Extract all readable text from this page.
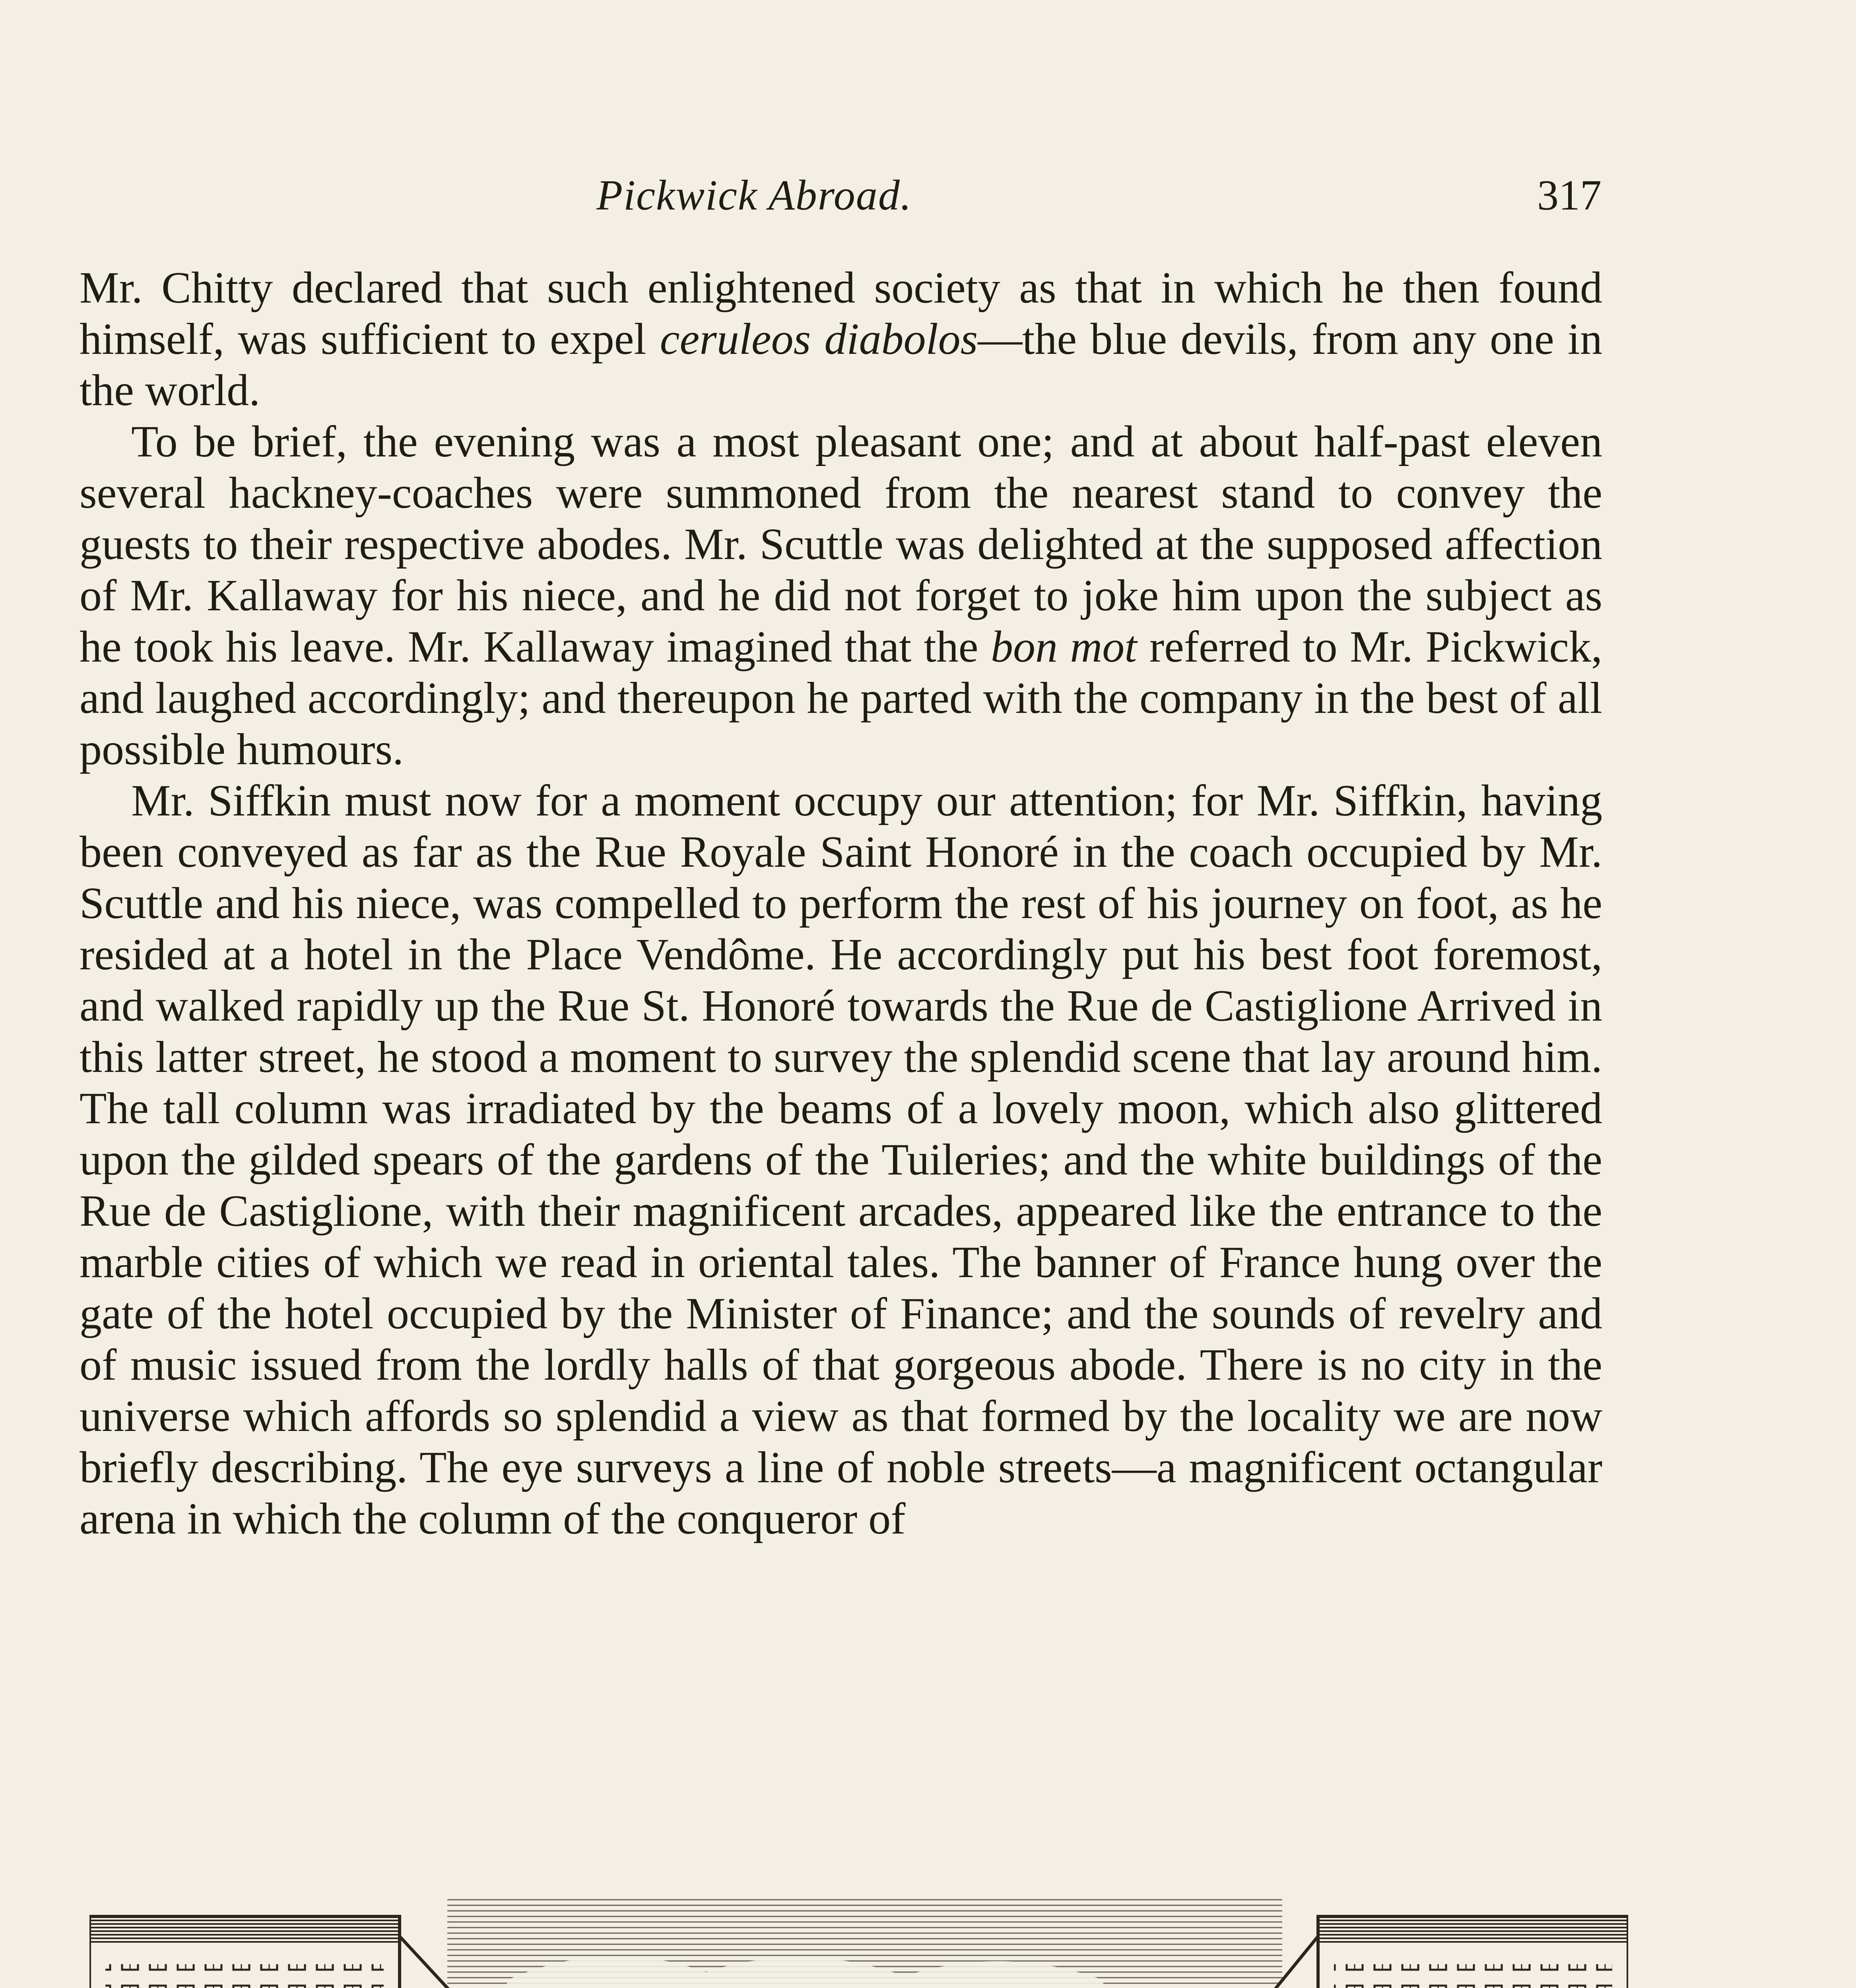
Pickwick Abroad.	317

Mr. Chitty declared that such enlightened society as that in which he then found himself, was sufficient to expel ceruleos diabolos—the blue devils, from any one in the world.

To be brief, the evening was a most pleasant one; and at about half-past eleven several hackney-coaches were summoned from the nearest stand to convey the guests to their respective abodes. Mr. Scuttle was delighted at the supposed affection of Mr. Kallaway for his niece, and he did not forget to joke him upon the subject as he took his leave. Mr. Kallaway imagined that the bon mot referred to Mr. Pickwick, and laughed accordingly; and thereupon he parted with the company in the best of all possible humours.

Mr. Siffkin must now for a moment occupy our attention; for Mr. Siffkin, having been conveyed as far as the Rue Royale Saint Honoré in the coach occupied by Mr. Scuttle and his niece, was compelled to perform the rest of his journey on foot, as he resided at a hotel in the Place Vendôme. He accordingly put his best foot foremost, and walked rapidly up the Rue St. Honoré towards the Rue de Castiglione Arrived in this latter street, he stood a moment to survey the splendid scene that lay around him. The tall column was irradiated by the beams of a lovely moon, which also glittered upon the gilded spears of the gardens of the Tuileries; and the white buildings of the Rue de Castiglione, with their magnificent arcades, appeared like the entrance to the marble cities of which we read in oriental tales. The banner of France hung over the gate of the hotel occupied by the Minister of Finance; and the sounds of revelry and of music issued from the lordly halls of that gorgeous abode. There is no city in the universe which affords so splendid a view as that formed by the locality we are now briefly describing. The eye surveys a line of noble streets—a magnificent octangular arena in which the column of the conqueror of
